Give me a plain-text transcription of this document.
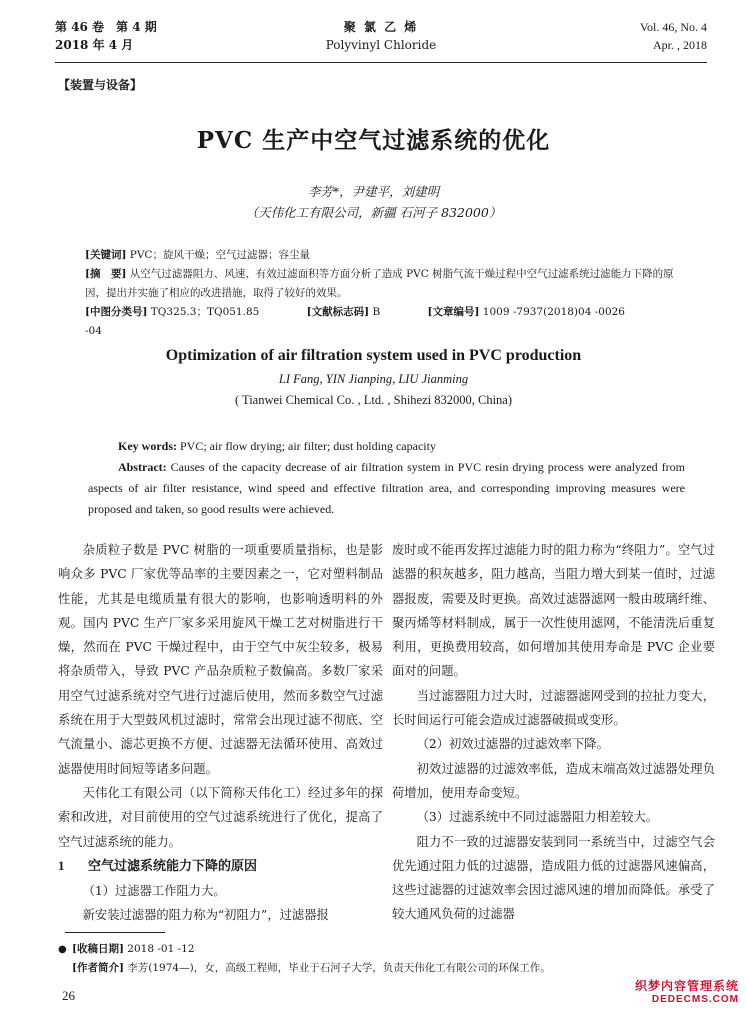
第 46 卷　第 4 期
2018 年 4 月
聚 氯 乙 烯
Polyvinyl Chloride
Vol. 46, No. 4
Apr. , 2018
【装置与设备】
PVC 生产中空气过滤系统的优化
李芳*，尹建平，刘建明
（天伟化工有限公司，新疆 石河子 832000）
[关键词] PVC；旋风干燥；空气过滤器；容尘量
[摘　要] 从空气过滤器阻力、风速、有效过滤面积等方面分析了造成 PVC 树脂气流干燥过程中空气过滤系统过滤能力下降的原因，提出并实施了相应的改进措施，取得了较好的效果。
[中图分类号] TQ325.3；TQ051.85	[文献标志码] B	[文章编号] 1009 -7937(2018)04 -0026 -04
Optimization of air filtration system used in PVC production
LI Fang, YIN Jianping, LIU Jianming
( Tianwei Chemical Co. , Ltd. , Shihezi 832000, China)
Key words: PVC; air flow drying; air filter; dust holding capacity
Abstract: Causes of the capacity decrease of air filtration system in PVC resin drying process were analyzed from aspects of air filter resistance, wind speed and effective filtration area, and corresponding improving measures were proposed and taken, so good results were achieved.

杂质粒子数是 PVC 树脂的一项重要质量指标，也是影响众多 PVC 厂家优等品率的主要因素之一，它对塑料制品性能，尤其是电缆质量有很大的影响，也影响透明料的外观。国内 PVC 生产厂家多采用旋风干燥工艺对树脂进行干燥，然而在 PVC 干燥过程中，由于空气中灰尘较多，极易将杂质带入，导致 PVC 产品杂质粒子数偏高。多数厂家采用空气过滤系统对空气进行过滤后使用，然而多数空气过滤系统在用于大型鼓风机过滤时，常常会出现过滤不彻底、空气流量小、滤芯更换不方便、过滤器无法循环使用、高效过滤器使用时间短等诸多问题。

天伟化工有限公司（以下简称天伟化工）经过多年的探索和改进，对目前使用的空气过滤系统进行了优化，提高了空气过滤系统的能力。

1 空气过滤系统能力下降的原因

（1）过滤器工作阻力大。

新安装过滤器的阻力称为“初阻力”，过滤器报

废时或不能再发挥过滤能力时的阻力称为“终阻力”。空气过滤器的积灰越多，阻力越高，当阻力增大到某一值时，过滤器报废，需要及时更换。高效过滤器滤网一般由玻璃纤维、聚丙烯等材料制成，属于一次性使用滤网，不能清洗后重复利用，更换费用较高，如何增加其使用寿命是 PVC 企业要面对的问题。

当过滤器阻力过大时，过滤器滤网受到的拉扯力变大，长时间运行可能会造成过滤器破损或变形。

（2）初效过滤器的过滤效率下降。

初效过滤器的过滤效率低，造成末端高效过滤器处理负荷增加，使用寿命变短。

（3）过滤系统中不同过滤器阻力相差较大。

阻力不一致的过滤器安装到同一系统当中，过滤空气会优先通过阻力低的过滤器，造成阻力低的过滤器风速偏高，这些过滤器的过滤效率会因过滤风速的增加而降低。承受了较大通风负荷的过滤器

● [收稿日期] 2018 -01 -12
[作者简介] 李芳(1974—)，女，高级工程师，毕业于石河子大学，负责天伟化工有限公司的环保工作。
26
织梦内容管理系统
DEDECMS.COM
